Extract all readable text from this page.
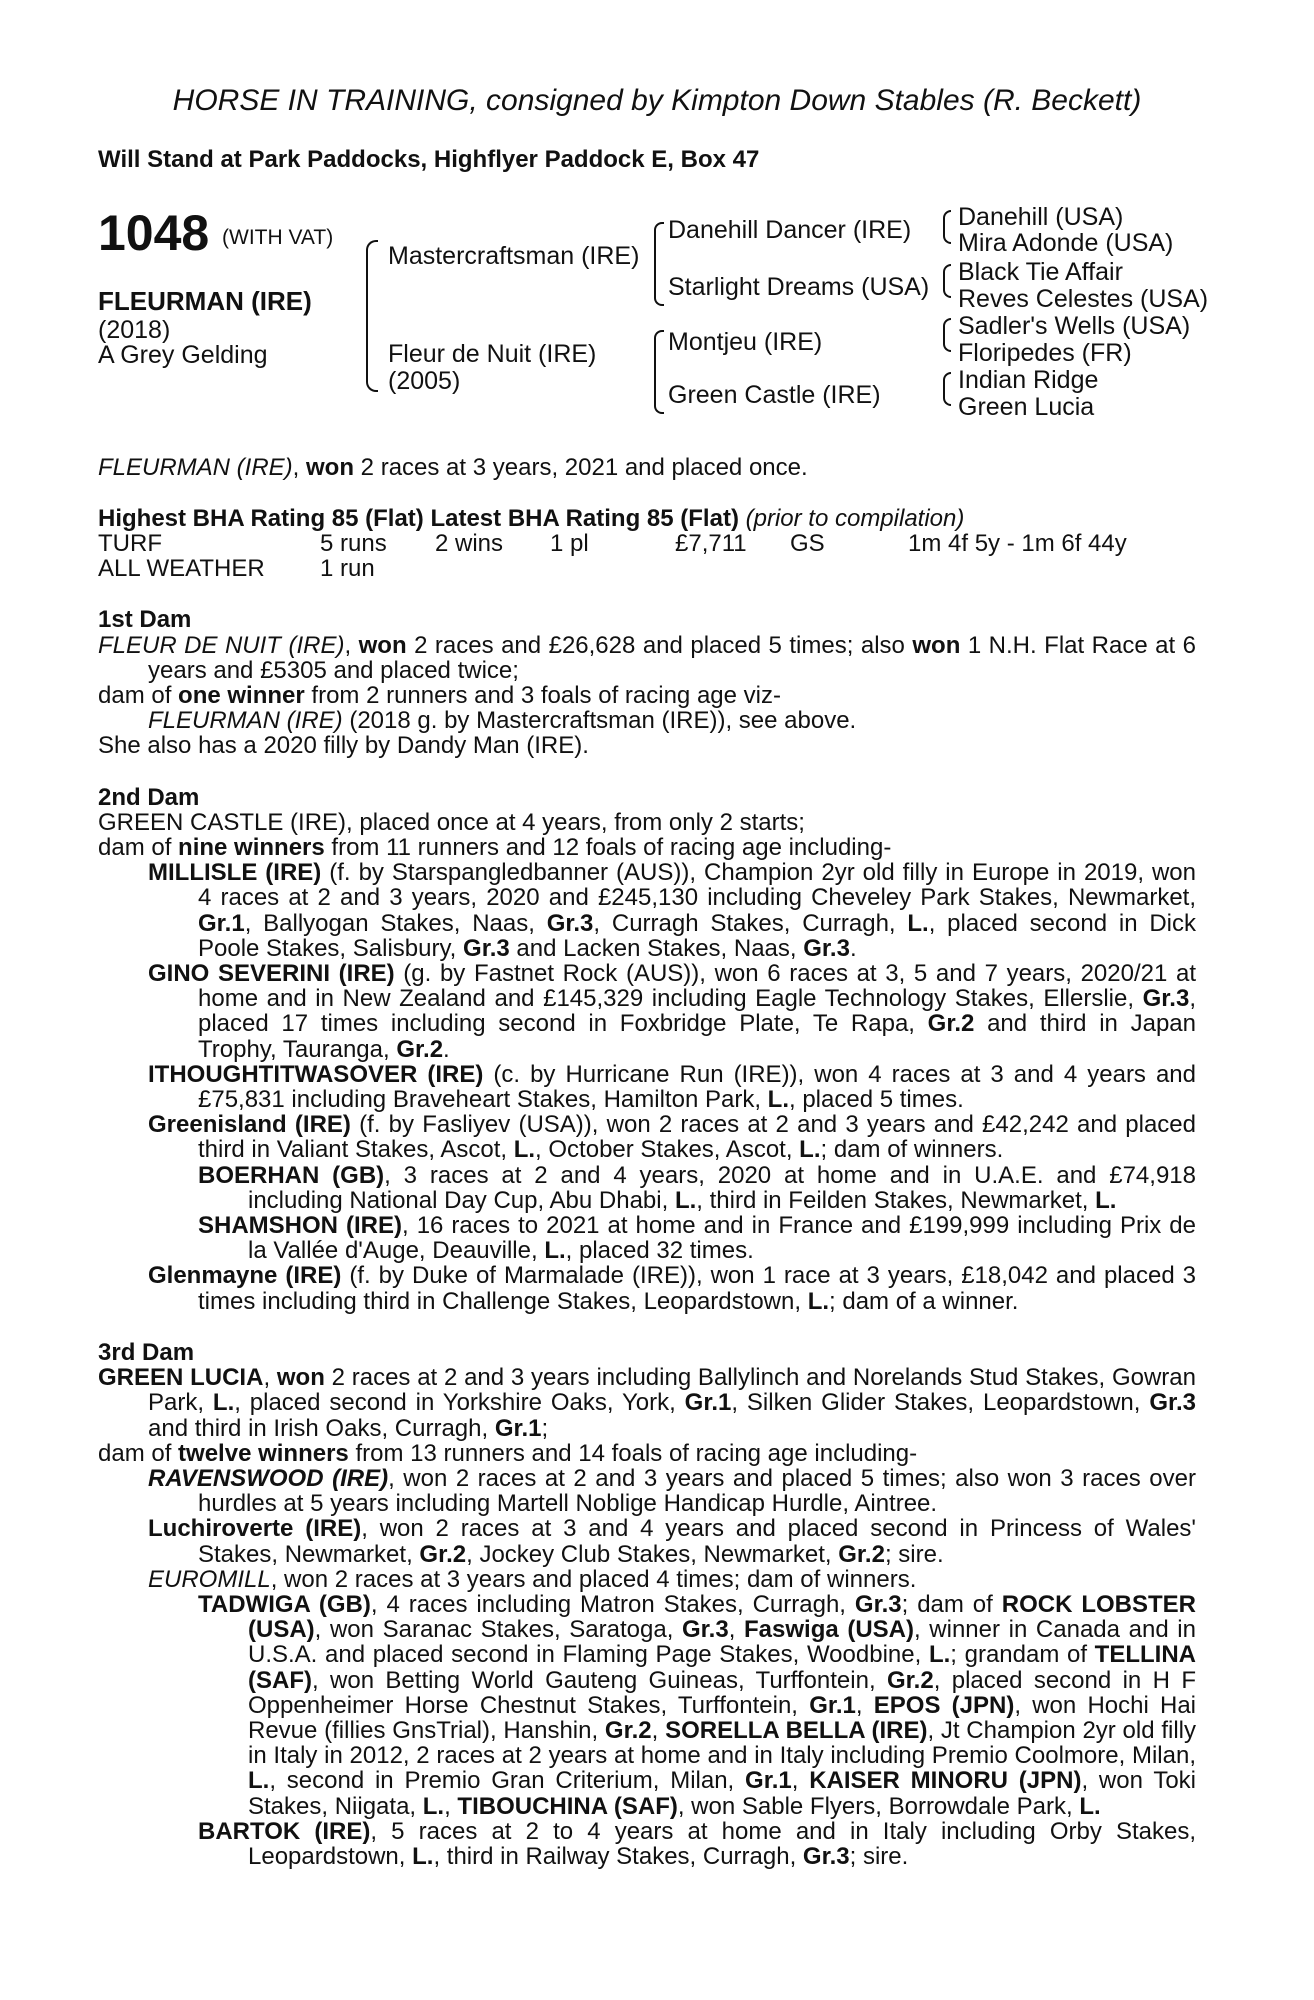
HORSE IN TRAINING, consigned by Kimpton Down Stables (R. Beckett)
Will Stand at Park Paddocks, Highflyer Paddock E, Box 47
1048 (WITH VAT)
FLEURMAN (IRE)
(2018)
A Grey Gelding
Mastercraftsman (IRE)
Fleur de Nuit (IRE)
(2005)
Danehill Dancer (IRE)
Starlight Dreams (USA)
Montjeu (IRE)
Green Castle (IRE)
Danehill (USA)
Mira Adonde (USA)
Black Tie Affair
Reves Celestes (USA)
Sadler's Wells (USA)
Floripedes (FR)
Indian Ridge
Green Lucia

FLEURMAN (IRE), won 2 races at 3 years, 2021 and placed once.

Highest BHA Rating 85 (Flat) Latest BHA Rating 85 (Flat) (prior to compilation)

TURF	5 runs 2 wins 1 pl	£7,711 GS	1m 4f 5y - 1m 6f 44y
ALL WEATHER 1 run

1st Dam

FLEUR DE NUIT (IRE), won 2 races and £26,628 and placed 5 times; also won 1 N.H. Flat Race at 6 years and £5305 and placed twice;

dam of one winner from 2 runners and 3 foals of racing age viz-

FLEURMAN (IRE) (2018 g. by Mastercraftsman (IRE)), see above.

She also has a 2020 filly by Dandy Man (IRE).

2nd Dam

GREEN CASTLE (IRE), placed once at 4 years, from only 2 starts;

dam of nine winners from 11 runners and 12 foals of racing age including-

MILLISLE (IRE) (f. by Starspangledbanner (AUS)), Champion 2yr old filly in Europe in 2019, won 4 races at 2 and 3 years, 2020 and £245,130 including Cheveley Park Stakes, Newmarket, Gr.1, Ballyogan Stakes, Naas, Gr.3, Curragh Stakes, Curragh, L., placed second in Dick Poole Stakes, Salisbury, Gr.3 and Lacken Stakes, Naas, Gr.3.

GINO SEVERINI (IRE) (g. by Fastnet Rock (AUS)), won 6 races at 3, 5 and 7 years, 2020/21 at home and in New Zealand and £145,329 including Eagle Technology Stakes, Ellerslie, Gr.3, placed 17 times including second in Foxbridge Plate, Te Rapa, Gr.2 and third in Japan Trophy, Tauranga, Gr.2.

ITHOUGHTITWASOVER (IRE) (c. by Hurricane Run (IRE)), won 4 races at 3 and 4 years and £75,831 including Braveheart Stakes, Hamilton Park, L., placed 5 times.

Greenisland (IRE) (f. by Fasliyev (USA)), won 2 races at 2 and 3 years and £42,242 and placed third in Valiant Stakes, Ascot, L., October Stakes, Ascot, L.; dam of winners.

BOERHAN (GB), 3 races at 2 and 4 years, 2020 at home and in U.A.E. and £74,918 including National Day Cup, Abu Dhabi, L., third in Feilden Stakes, Newmarket, L.

SHAMSHON (IRE), 16 races to 2021 at home and in France and £199,999 including Prix de la Vallée d'Auge, Deauville, L., placed 32 times.

Glenmayne (IRE) (f. by Duke of Marmalade (IRE)), won 1 race at 3 years, £18,042 and placed 3 times including third in Challenge Stakes, Leopardstown, L.; dam of a winner.

3rd Dam

GREEN LUCIA, won 2 races at 2 and 3 years including Ballylinch and Norelands Stud Stakes, Gowran Park, L., placed second in Yorkshire Oaks, York, Gr.1, Silken Glider Stakes, Leopardstown, Gr.3 and third in Irish Oaks, Curragh, Gr.1;

dam of twelve winners from 13 runners and 14 foals of racing age including-

RAVENSWOOD (IRE), won 2 races at 2 and 3 years and placed 5 times; also won 3 races over hurdles at 5 years including Martell Noblige Handicap Hurdle, Aintree.

Luchiroverte (IRE), won 2 races at 3 and 4 years and placed second in Princess of Wales' Stakes, Newmarket, Gr.2, Jockey Club Stakes, Newmarket, Gr.2; sire.

EUROMILL, won 2 races at 3 years and placed 4 times; dam of winners.

TADWIGA (GB), 4 races including Matron Stakes, Curragh, Gr.3; dam of ROCK LOBSTER (USA), won Saranac Stakes, Saratoga, Gr.3, Faswiga (USA), winner in Canada and in U.S.A. and placed second in Flaming Page Stakes, Woodbine, L.; grandam of TELLINA (SAF), won Betting World Gauteng Guineas, Turffontein, Gr.2, placed second in H F Oppenheimer Horse Chestnut Stakes, Turffontein, Gr.1, EPOS (JPN), won Hochi Hai Revue (fillies GnsTrial), Hanshin, Gr.2, SORELLA BELLA (IRE), Jt Champion 2yr old filly in Italy in 2012, 2 races at 2 years at home and in Italy including Premio Coolmore, Milan, L., second in Premio Gran Criterium, Milan, Gr.1, KAISER MINORU (JPN), won Toki Stakes, Niigata, L., TIBOUCHINA (SAF), won Sable Flyers, Borrowdale Park, L.

BARTOK (IRE), 5 races at 2 to 4 years at home and in Italy including Orby Stakes, Leopardstown, L., third in Railway Stakes, Curragh, Gr.3; sire.
